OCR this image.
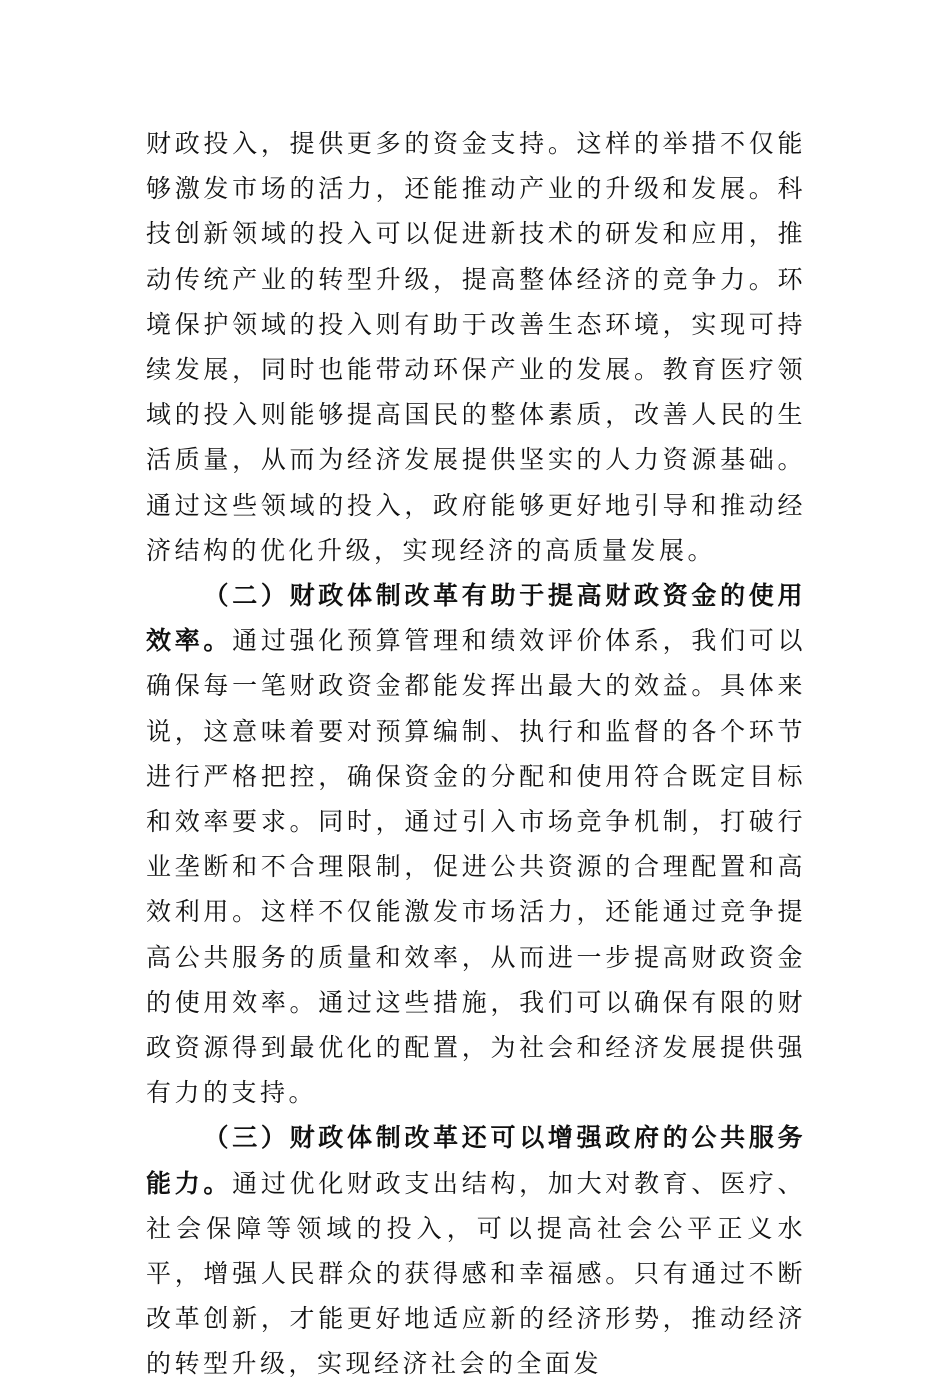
财政投入，提供更多的资金支持。这样的举措不仅能够激发市场的活力，还能推动产业的升级和发展。科技创新领域的投入可以促进新技术的研发和应用，推动传统产业的转型升级，提高整体经济的竞争力。环境保护领域的投入则有助于改善生态环境，实现可持续发展，同时也能带动环保产业的发展。教育医疗领域的投入则能够提高国民的整体素质，改善人民的生活质量，从而为经济发展提供坚实的人力资源基础。通过这些领域的投入，政府能够更好地引导和推动经济结构的优化升级，实现经济的高质量发展。

（二）财政体制改革有助于提高财政资金的使用效率。通过强化预算管理和绩效评价体系，我们可以确保每一笔财政资金都能发挥出最大的效益。具体来说，这意味着要对预算编制、执行和监督的各个环节进行严格把控，确保资金的分配和使用符合既定目标和效率要求。同时，通过引入市场竞争机制，打破行业垄断和不合理限制，促进公共资源的合理配置和高效利用。这样不仅能激发市场活力，还能通过竞争提高公共服务的质量和效率，从而进一步提高财政资金的使用效率。通过这些措施，我们可以确保有限的财政资源得到最优化的配置，为社会和经济发展提供强有力的支持。

（三）财政体制改革还可以增强政府的公共服务能力。通过优化财政支出结构，加大对教育、医疗、社会保障等领域的投入，可以提高社会公平正义水平，增强人民群众的获得感和幸福感。只有通过不断改革创新，才能更好地适应新的经济形势，推动经济的转型升级，实现经济社会的全面发
